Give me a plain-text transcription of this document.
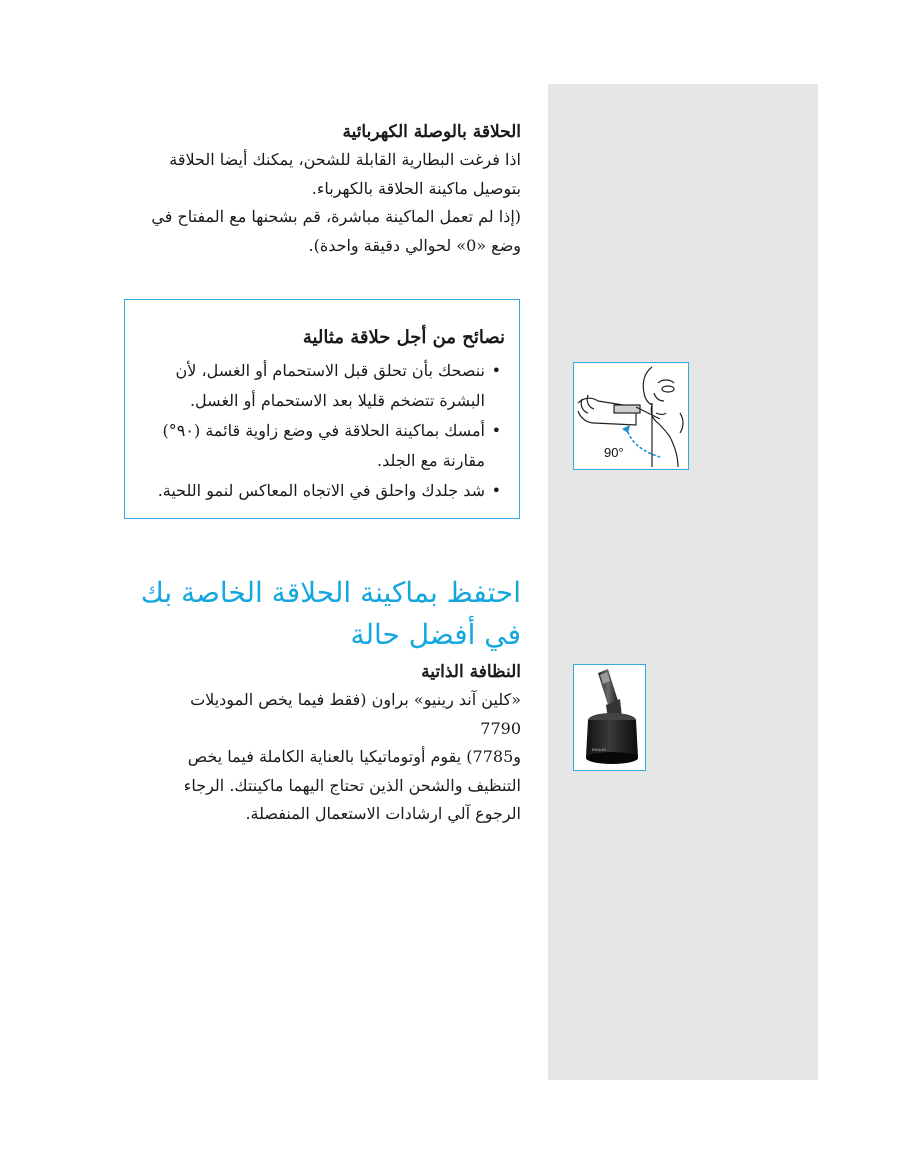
الحلاقة بالوصلة الكهربائية

اذا فرغت البطارية القابلة للشحن، يمكنك أيضا الحلاقة

بتوصيل ماكينة الحلاقة بالكهرباء.

(إذا لم تعمل الماكينة مباشرة، قم بشحنها مع المفتاح في

وضع «0» لحوالي دقيقة واحدة).

نصائح من أجل حلاقة مثالية
•
ننصحك بأن تحلق قبل الاستحمام أو الغسل، لأن
البشرة تتضخم قليلا بعد الاستحمام أو الغسل.
•
أمسك بماكينة الحلاقة في وضع زاوية قائمة (٩٠°)
مقارنة مع الجلد.
•
شد جلدك واحلق في الاتجاه المعاكس لنمو اللحية.
احتفظ بماكينة الحلاقة الخاصة بك
في أفضل حالة
النظافة الذاتية

«كلين آند رينيو» براون (فقط فيما يخص الموديلات 7790

و7785) يقوم أوتوماتيكيا بالعناية الكاملة فيما يخص

التنظيف والشحن الذين تحتاج اليهما ماكينتك. الرجاء

الرجوع آلي ارشادات الاستعمال المنفصلة.

90°
BRAUN
